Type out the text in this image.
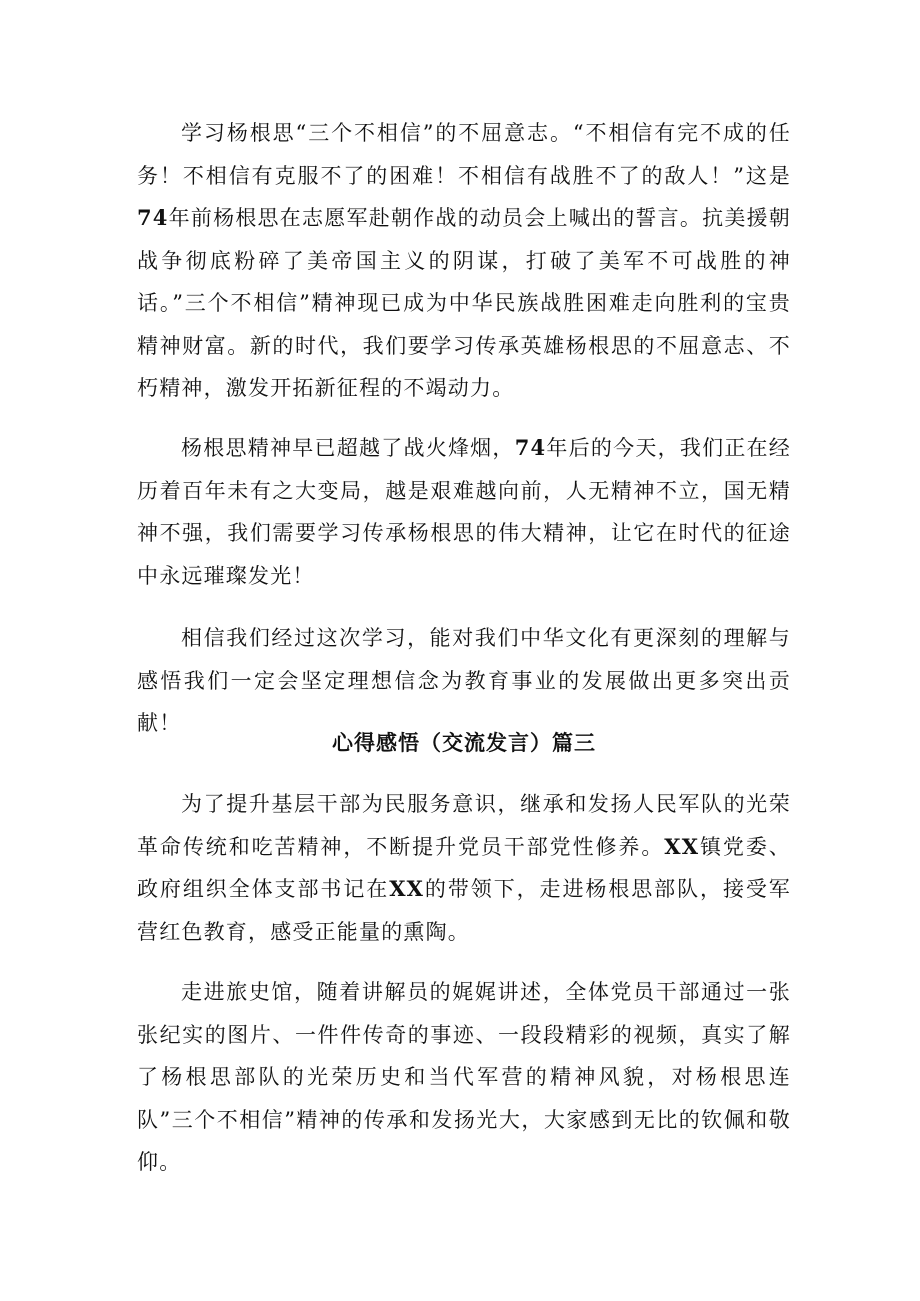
学习杨根思“三个不相信”的不屈意志。“不相信有完不成的任务！不相信有克服不了的困难！不相信有战胜不了的敌人！”这是74年前杨根思在志愿军赴朝作战的动员会上喊出的誓言。抗美援朝战争彻底粉碎了美帝国主义的阴谋，打破了美军不可战胜的神话。”三个不相信”精神现已成为中华民族战胜困难走向胜利的宝贵精神财富。新的时代，我们要学习传承英雄杨根思的不屈意志、不朽精神，激发开拓新征程的不竭动力。

杨根思精神早已超越了战火烽烟，74年后的今天，我们正在经历着百年未有之大变局，越是艰难越向前，人无精神不立，国无精神不强，我们需要学习传承杨根思的伟大精神，让它在时代的征途中永远璀璨发光！

相信我们经过这次学习，能对我们中华文化有更深刻的理解与感悟我们一定会坚定理想信念为教育事业的发展做出更多突出贡献！

心得感悟（交流发言）篇三

为了提升基层干部为民服务意识，继承和发扬人民军队的光荣革命传统和吃苦精神，不断提升党员干部党性修养。XX镇党委、政府组织全体支部书记在XX的带领下，走进杨根思部队，接受军营红色教育，感受正能量的熏陶。

走进旅史馆，随着讲解员的娓娓讲述，全体党员干部通过一张张纪实的图片、一件件传奇的事迹、一段段精彩的视频，真实了解了杨根思部队的光荣历史和当代军营的精神风貌，对杨根思连队”三个不相信”精神的传承和发扬光大，大家感到无比的钦佩和敬仰。
